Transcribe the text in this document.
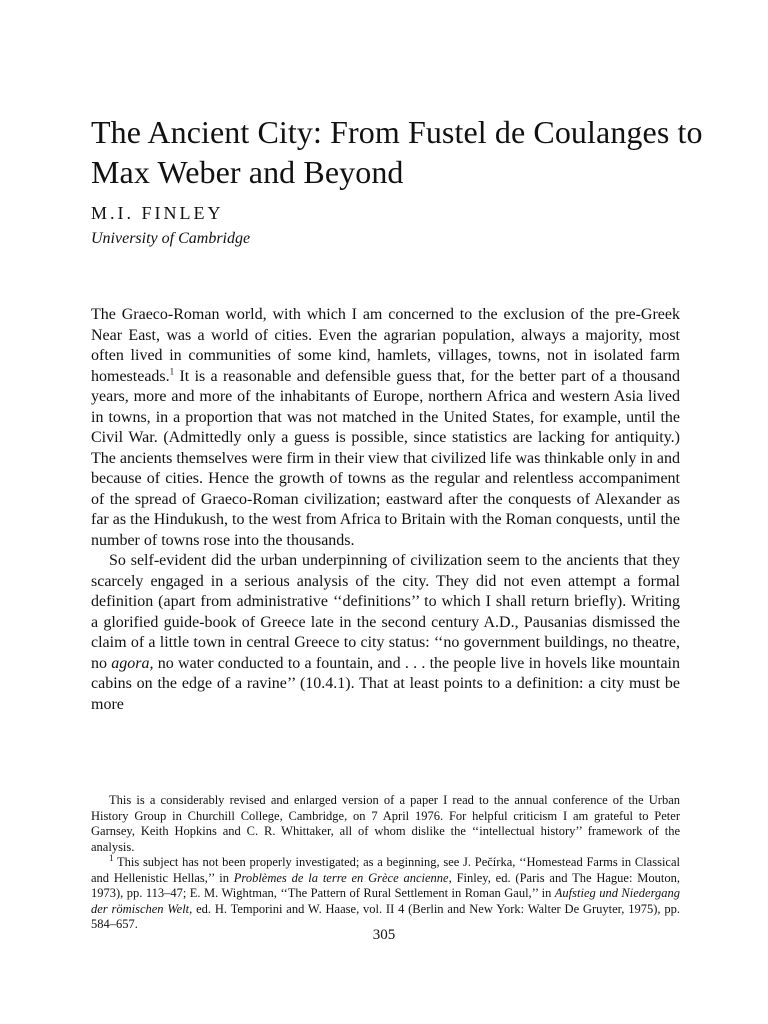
The Ancient City: From Fustel de Coulanges to Max Weber and Beyond

M.I. FINLEY

University of Cambridge

The Graeco-Roman world, with which I am concerned to the exclusion of the pre-Greek Near East, was a world of cities. Even the agrarian population, always a majority, most often lived in communities of some kind, hamlets, villages, towns, not in isolated farm homesteads.$^1$ It is a reasonable and defensible guess that, for the better part of a thousand years, more and more of the inhabitants of Europe, northern Africa and western Asia lived in towns, in a proportion that was not matched in the United States, for example, until the Civil War. (Admittedly only a guess is possible, since statistics are lacking for antiquity.) The ancients themselves were firm in their view that civilized life was thinkable only in and because of cities. Hence the growth of towns as the regular and relentless accompaniment of the spread of Graeco-Roman civilization; eastward after the conquests of Alexander as far as the Hindukush, to the west from Africa to Britain with the Roman conquests, until the number of towns rose into the thousands.

So self-evident did the urban underpinning of civilization seem to the ancients that they scarcely engaged in a serious analysis of the city. They did not even attempt a formal definition (apart from administrative ‘‘definitions’’ to which I shall return briefly). Writing a glorified guide-book of Greece late in the second century A.D., Pausanias dismissed the claim of a little town in central Greece to city status: ‘‘no government buildings, no theatre, no agora, no water conducted to a fountain, and . . . the people live in hovels like mountain cabins on the edge of a ravine’’ (10.4.1). That at least points to a definition: a city must be more

This is a considerably revised and enlarged version of a paper I read to the annual conference of the Urban History Group in Churchill College, Cambridge, on 7 April 1976. For helpful criticism I am grateful to Peter Garnsey, Keith Hopkins and C. R. Whittaker, all of whom dislike the ‘‘intellectual history’’ framework of the analysis.

$^1$ This subject has not been properly investigated; as a beginning, see J. Pečírka, ‘‘Homestead Farms in Classical and Hellenistic Hellas,’’ in Problèmes de la terre en Grèce ancienne, Finley, ed. (Paris and The Hague: Mouton, 1973), pp. 113–47; E. M. Wightman, ‘‘The Pattern of Rural Settlement in Roman Gaul,’’ in Aufstieg und Niedergang der römischen Welt, ed. H. Temporini and W. Haase, vol. II 4 (Berlin and New York: Walter De Gruyter, 1975), pp. 584–657.

305
